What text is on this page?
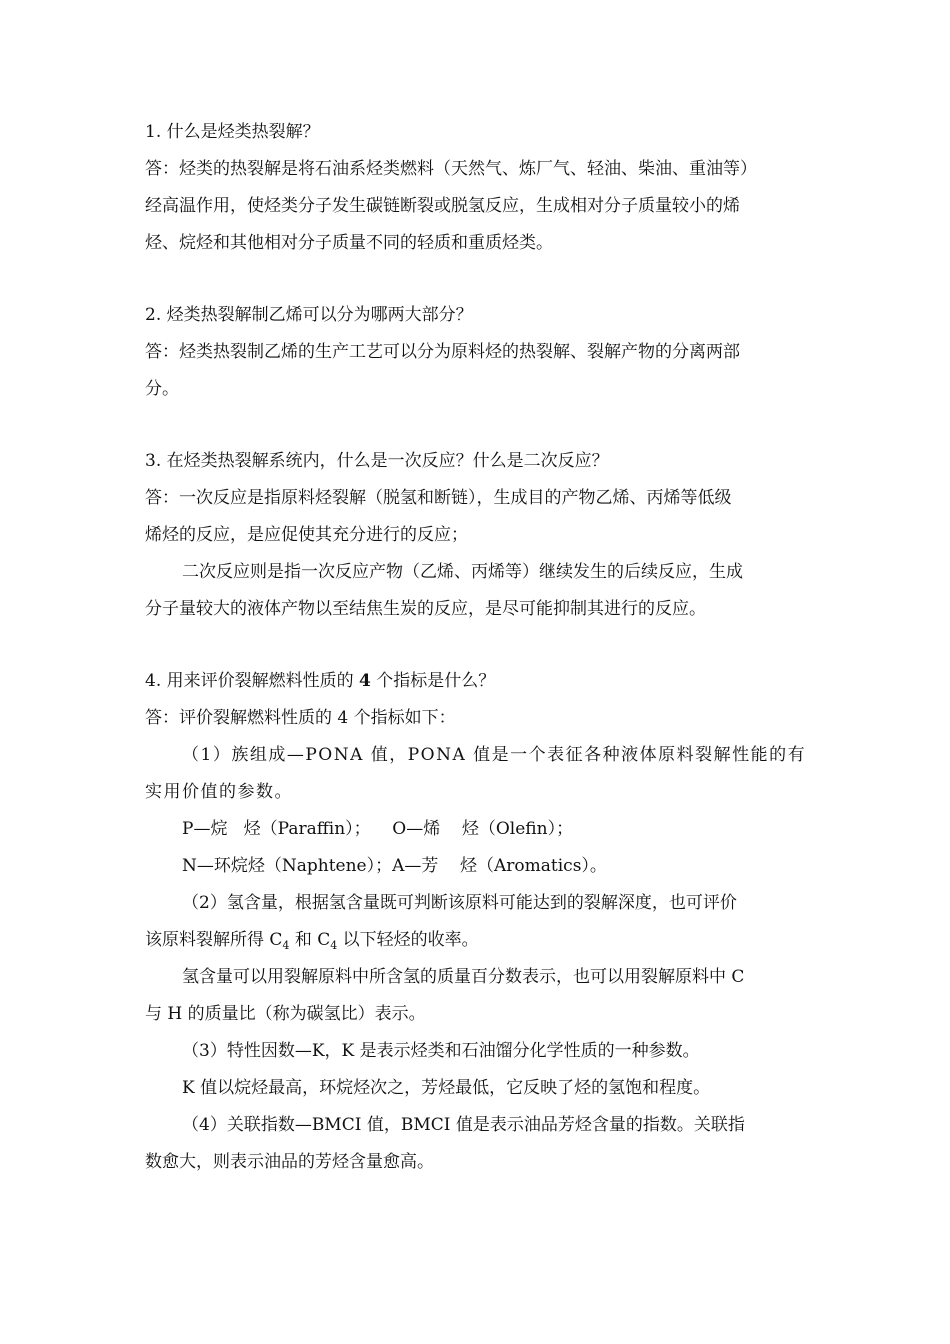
1. 什么是烃类热裂解？
答：烃类的热裂解是将石油系烃类燃料（天然气、炼厂气、轻油、柴油、重油等）
经高温作用，使烃类分子发生碳链断裂或脱氢反应，生成相对分子质量较小的烯
烃、烷烃和其他相对分子质量不同的轻质和重质烃类。
2. 烃类热裂解制乙烯可以分为哪两大部分？
答：烃类热裂制乙烯的生产工艺可以分为原料烃的热裂解、裂解产物的分离两部
分。
3. 在烃类热裂解系统内，什么是一次反应？什么是二次反应？
答：一次反应是指原料烃裂解（脱氢和断链），生成目的产物乙烯、丙烯等低级
烯烃的反应，是应促使其充分进行的反应；
二次反应则是指一次反应产物（乙烯、丙烯等）继续发生的后续反应，生成
分子量较大的液体产物以至结焦生炭的反应，是尽可能抑制其进行的反应。
4. 用来评价裂解燃料性质的 4 个指标是什么？
答：评价裂解燃料性质的 4 个指标如下：
（1）族组成—PONA 值，PONA 值是一个表征各种液体原料裂解性能的有
实用价值的参数。
P—烷   烃（Paraffin）；    O—烯    烃（Olefin）；
N—环烷烃（Naphtene）；A—芳    烃（Aromatics）。
（2）氢含量，根据氢含量既可判断该原料可能达到的裂解深度，也可评价
该原料裂解所得 $C_4$ 和 $C_4$ 以下轻烃的收率。
氢含量可以用裂解原料中所含氢的质量百分数表示，也可以用裂解原料中 C
与 H 的质量比（称为碳氢比）表示。
（3）特性因数—K，K 是表示烃类和石油馏分化学性质的一种参数。
K 值以烷烃最高，环烷烃次之，芳烃最低，它反映了烃的氢饱和程度。
（4）关联指数—BMCI 值，BMCI 值是表示油品芳烃含量的指数。关联指
数愈大，则表示油品的芳烃含量愈高。
